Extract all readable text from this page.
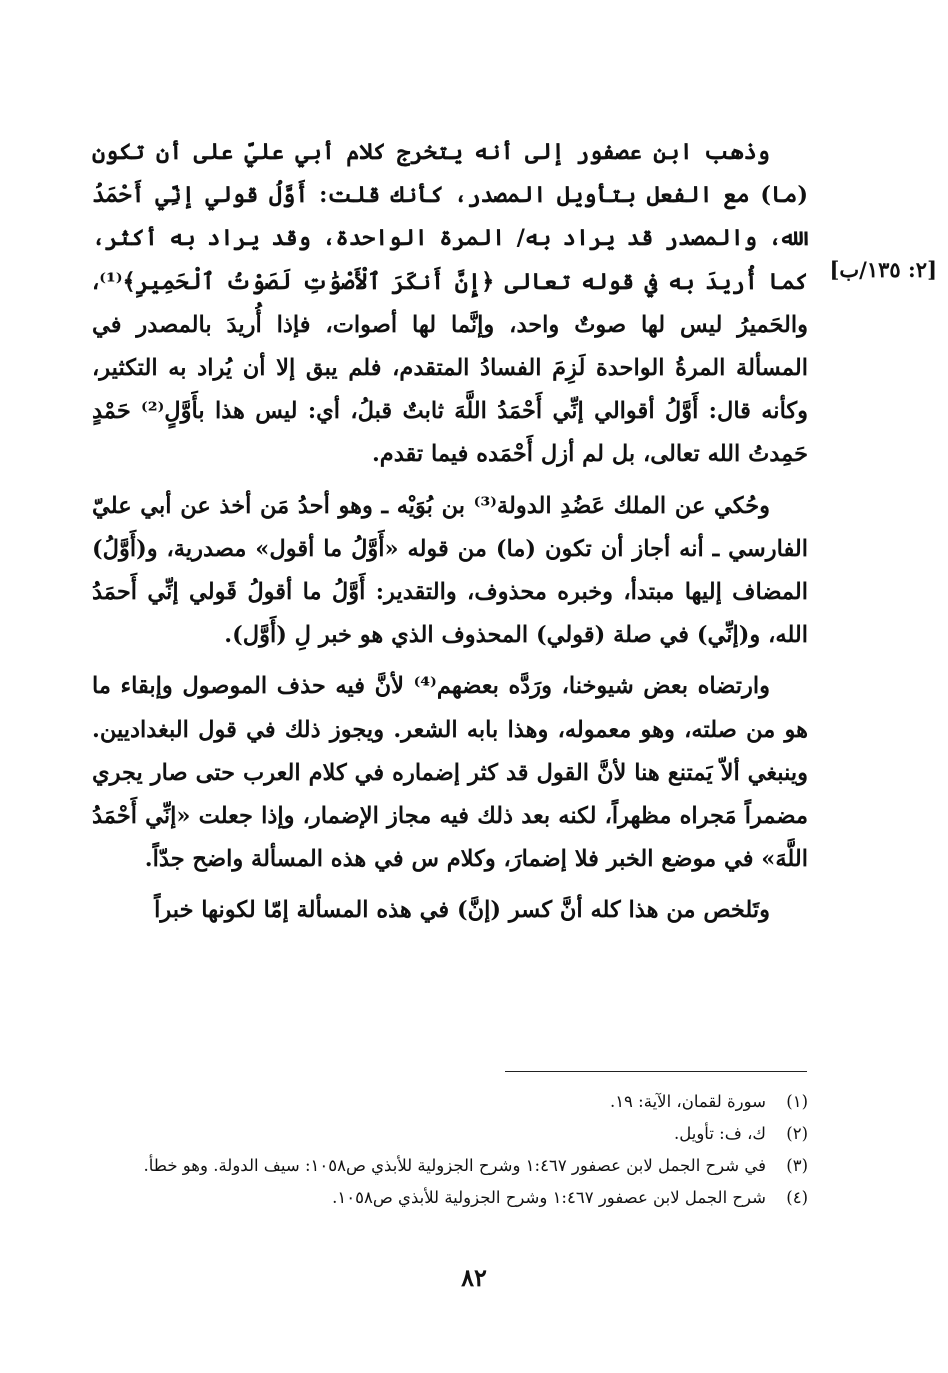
[٢: ١٣٥/ب]

وذهب ابن عصفور إلى أنه يتخرج كلام أبي عليّ على أن تكون (ما) مع الفعل بتأويل المصدر، كأنك قلت: أَوَّلُ قولي إنِّي أَحْمَدُ الله، والمصدر قد يراد به/ المرة الواحدة، وقد يراد به أكثر، كما أُريدَ به في قوله تعالى ﴿إِنَّ أَنكَرَ ٱلْأَصْوَٰتِ لَصَوْتُ ٱلْحَمِيرِ﴾⁽¹⁾، والحَميرُ ليس لها صوتٌ واحد، وإنَّما لها أصوات، فإذا أُريدَ بالمصدر في المسألة المرةُ الواحدة لَزِمَ الفسادُ المتقدم، فلم يبق إلا أن يُراد به التكثير، وكأنه قال: أَوَّلُ أقوالي إنِّي أَحْمَدُ اللَّهَ ثابتٌ قبلُ، أي: ليس هذا بأَوَّلٍ⁽²⁾ حَمْدٍ حَمِدتُ الله تعالى، بل لم أزل أَحْمَده فيما تقدم.

وحُكي عن الملك عَضُدِ الدولة⁽³⁾ بن بُوَيْه ـ وهو أحدُ مَن أخذ عن أبي عليّ الفارسي ـ أنه أجاز أن تكون (ما) من قوله «أَوَّلُ ما أقول» مصدرية، و(أَوَّلُ) المضاف إليها مبتدأ، وخبره محذوف، والتقدير: أَوَّلُ ما أقولُ قَولي إنِّي أَحمَدُ الله، و(إنِّي) في صلة (قولي) المحذوف الذي هو خبر لِ (أَوَّل).

وارتضاه بعض شيوخنا، ورَدَّه بعضهم⁽⁴⁾ لأنَّ فيه حذف الموصول وإبقاء ما هو من صلته، وهو معموله، وهذا بابه الشعر. ويجوز ذلك في قول البغداديين. وينبغي ألاّ يَمتنع هنا لأنَّ القول قد كثر إضماره في كلام العرب حتى صار يجري مضمراً مَجراه مظهراً، لكنه بعد ذلك فيه مجاز الإضمار، وإذا جعلت «إنِّي أَحْمَدُ اللَّهَ» في موضع الخبر فلا إضمارَ، وكلام س في هذه المسألة واضح جدّاً.

وتَلخص من هذا كله أنَّ كسر (إنَّ) في هذه المسألة إمّا لكونها خبراً

(١)
سورة لقمان، الآية: ١٩.
(٢)
ك، ف: تأويل.
(٣)
في شرح الجمل لابن عصفور ١:٤٦٧ وشرح الجزولية للأبذي ص١٠٥٨: سيف الدولة. وهو خطأ.
(٤)
شرح الجمل لابن عصفور ١:٤٦٧ وشرح الجزولية للأبذي ص١٠٥٨.
٨٢
